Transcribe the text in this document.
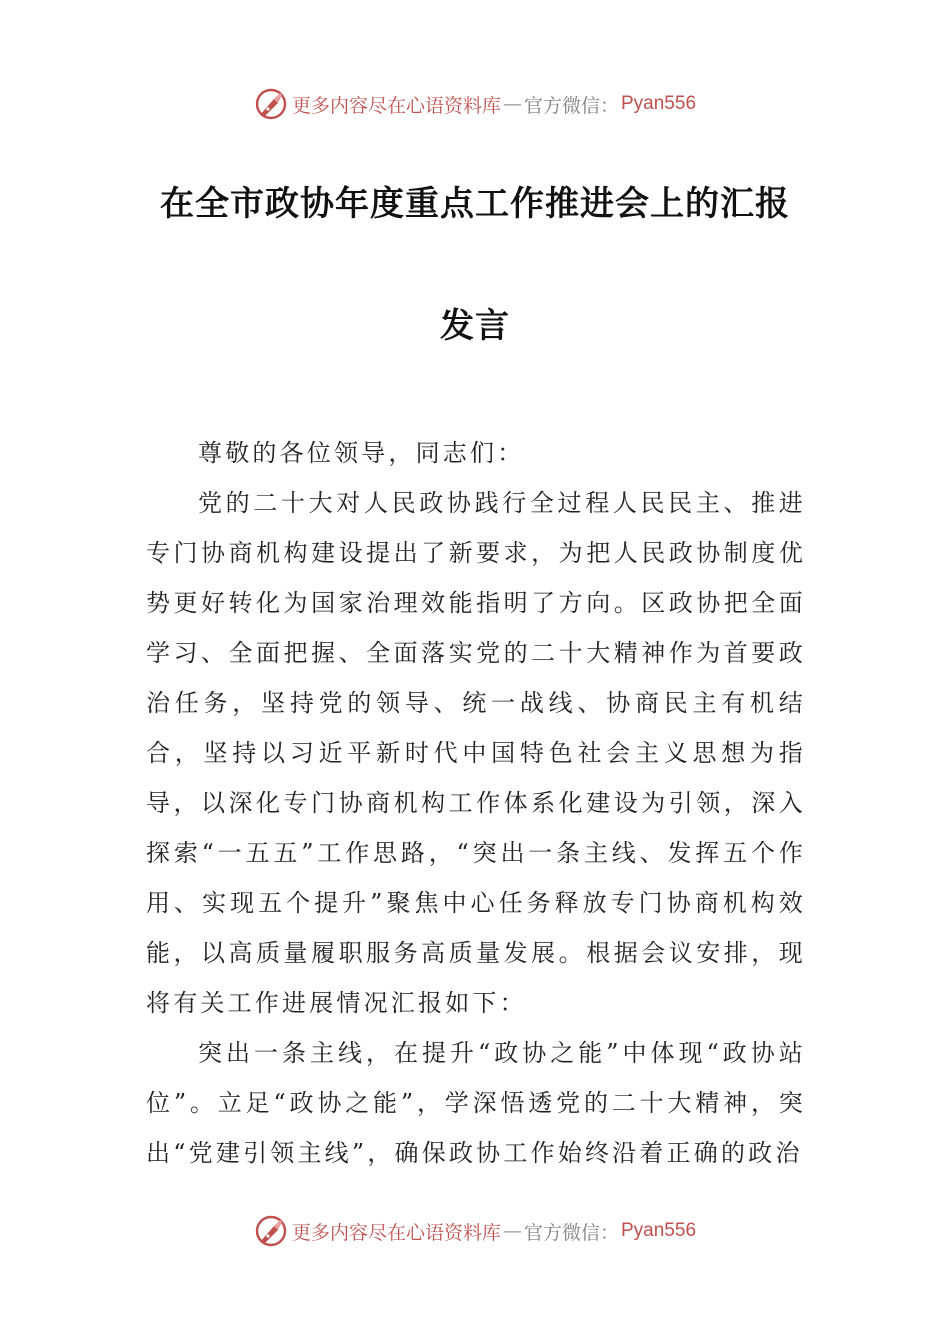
更多内容尽在心语资料库 — 官方微信： Pyan556
在全市政协年度重点工作推进会上的汇报
发言

尊敬的各位领导，同志们：

党的二十大对人民政协践行全过程人民民主、推进专门协商机构建设提出了新要求，为把人民政协制度优势更好转化为国家治理效能指明了方向。区政协把全面学习、全面把握、全面落实党的二十大精神作为首要政治任务，坚持党的领导、统一战线、协商民主有机结合，坚持以习近平新时代中国特色社会主义思想为指导，以深化专门协商机构工作体系化建设为引领，深入探索“一五五”工作思路，“突出一条主线、发挥五个作用、实现五个提升”聚焦中心任务释放专门协商机构效能，以高质量履职服务高质量发展。根据会议安排，现将有关工作进展情况汇报如下：

突出一条主线，在提升“政协之能”中体现“政协站位”。立足“政协之能”，学深悟透党的二十大精神，突出“党建引领主线”，确保政协工作始终沿着正确的政治

更多内容尽在心语资料库 — 官方微信： Pyan556
